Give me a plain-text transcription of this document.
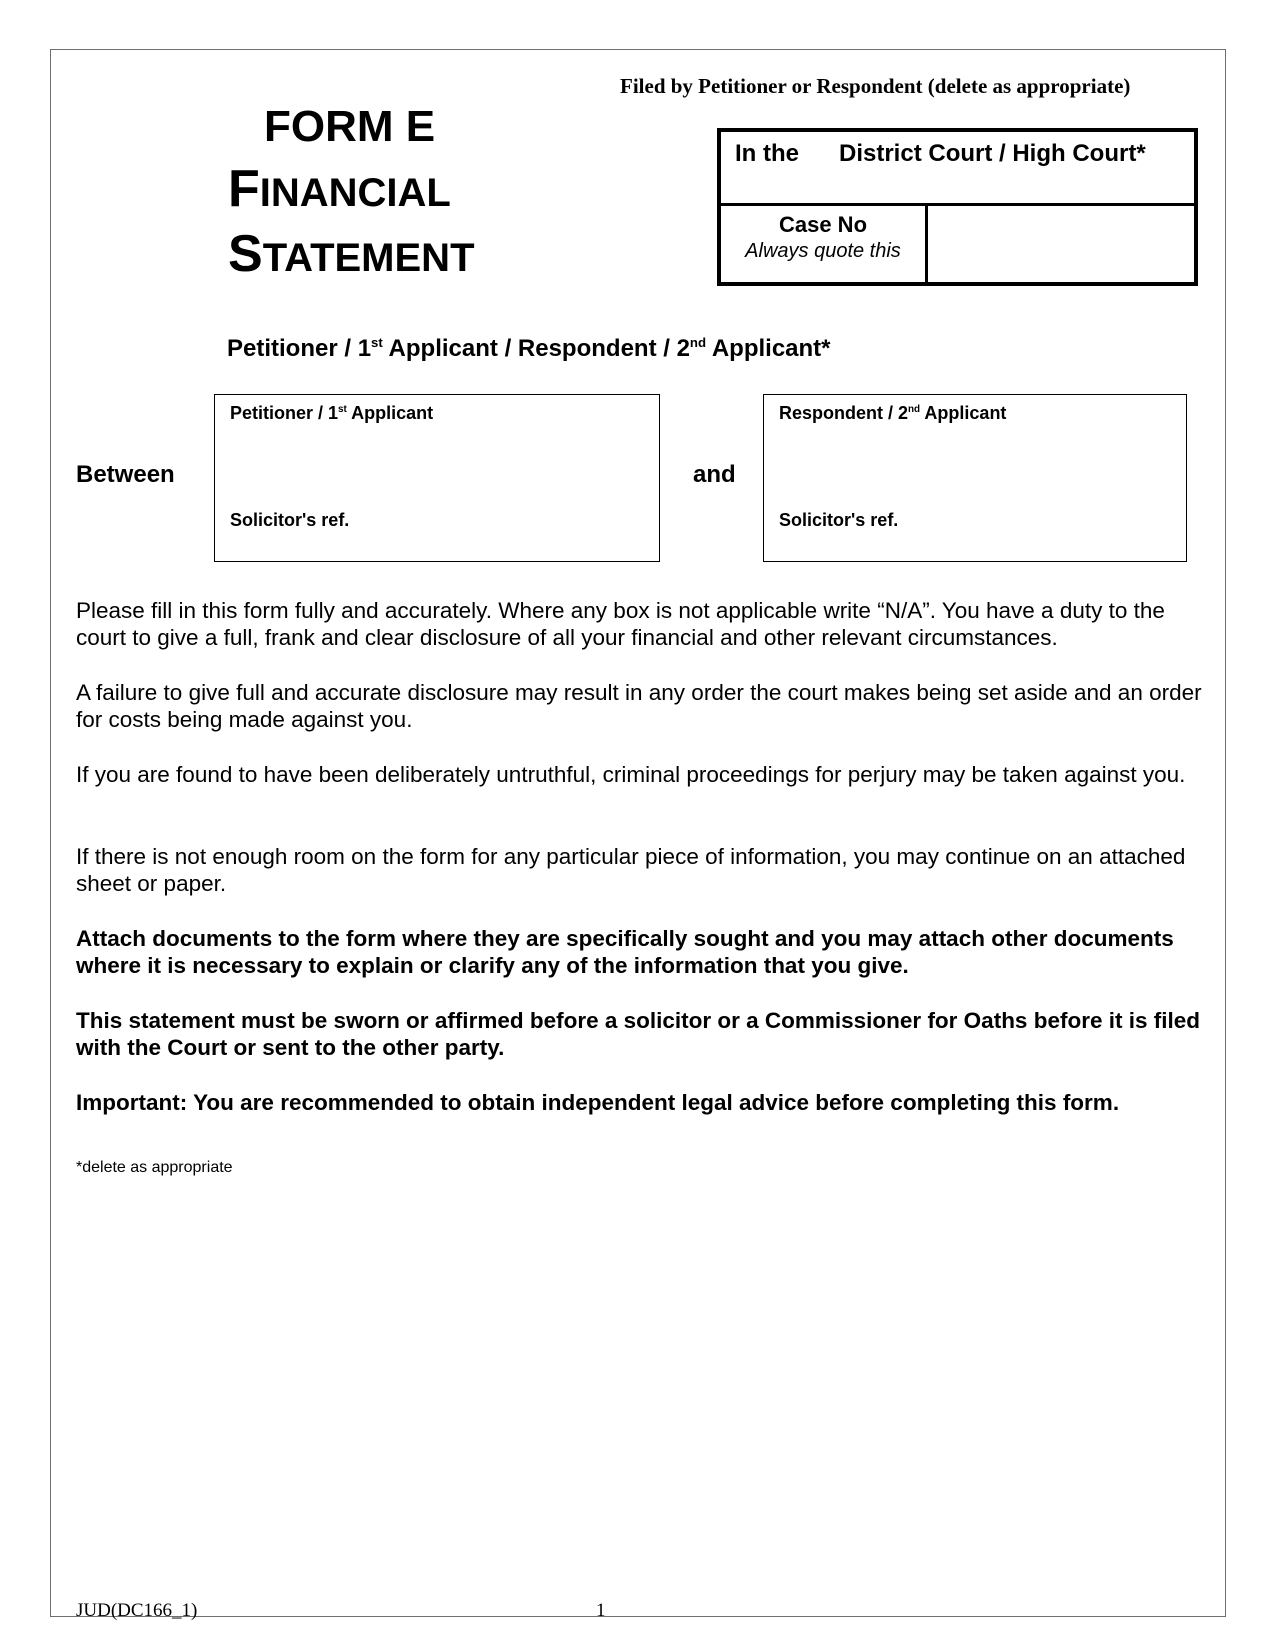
Filed by Petitioner or Respondent (delete as appropriate)
FORM E
FINANCIAL
STATEMENT
In the District Court / High Court*
Case No
Always quote this
Petitioner / 1st Applicant / Respondent / 2nd Applicant*
Between
Petitioner / 1st Applicant
Solicitor's ref.
and
Respondent / 2nd Applicant
Solicitor's ref.
Please fill in this form fully and accurately. Where any box is not applicable write “N/A”. You have a duty to the court to give a full, frank and clear disclosure of all your financial and other relevant circumstances.
A failure to give full and accurate disclosure may result in any order the court makes being set aside and an order for costs being made against you.
If you are found to have been deliberately untruthful, criminal proceedings for perjury may be taken against you.
If there is not enough room on the form for any particular piece of information, you may continue on an attached sheet or paper.
Attach documents to the form where they are specifically sought and you may attach other documents where it is necessary to explain or clarify any of the information that you give.
This statement must be sworn or affirmed before a solicitor or a Commissioner for Oaths before it is filed with the Court or sent to the other party.
Important: You are recommended to obtain independent legal advice before completing this form.
*delete as appropriate
JUD(DC166_1)	1
